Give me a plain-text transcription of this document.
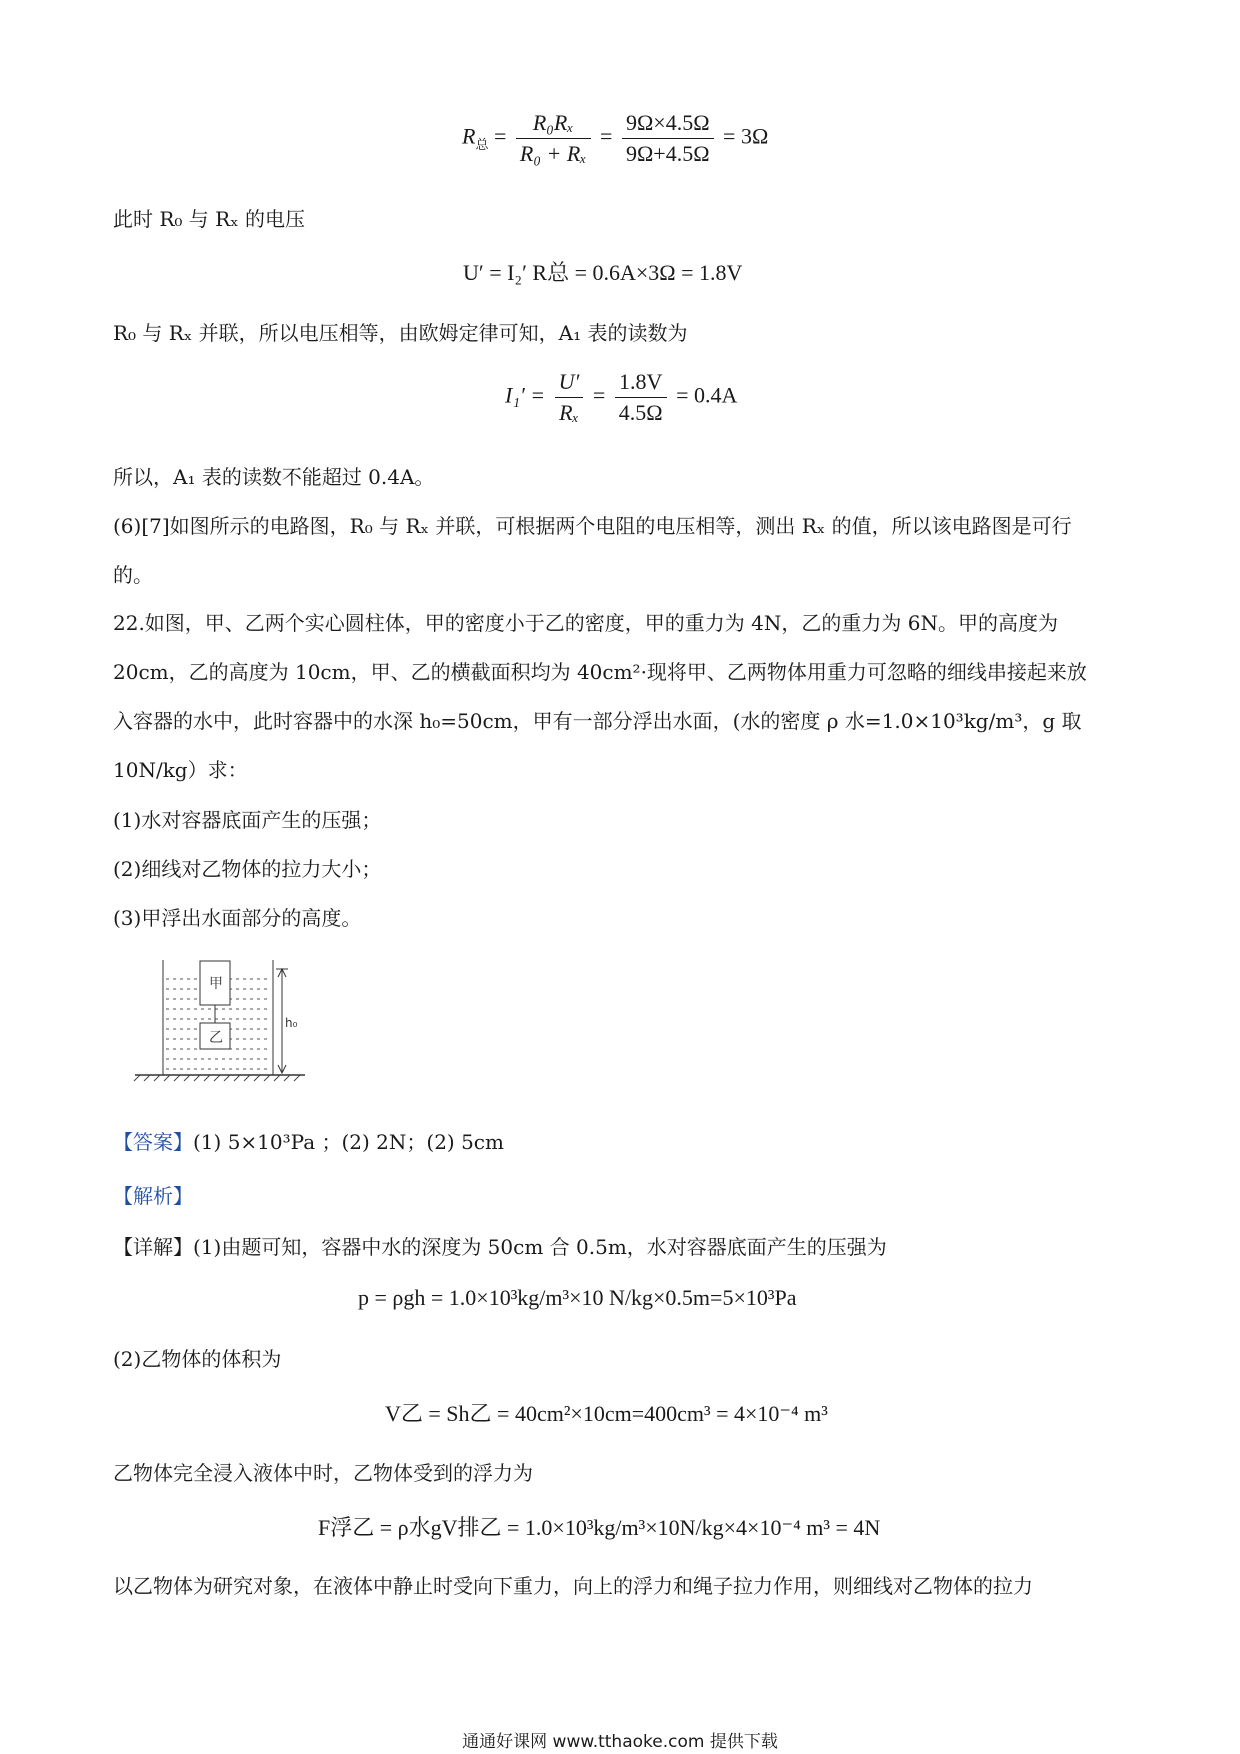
$R_总 = \frac{\text{R₀Rₓ}}{\text{R₀ + Rₓ}} = \frac{9\Omega\times 4.5\Omega}{9\Omega+4.5\Omega} = 3\Omega$
此时 R₀ 与 Rₓ 的电压
U′ = I₂′ R总 = 0.6A×3Ω = 1.8V
R₀ 与 Rₓ 并联，所以电压相等，由欧姆定律可知，A₁ 表的读数为
$I_1' = \frac{U'}{\text{Rₓ}} = \frac{1.8V}{4.5\Omega} = 0.4A$
所以，A₁ 表的读数不能超过 0.4A。
(6)[7]如图所示的电路图，R₀ 与 Rₓ 并联，可根据两个电阻的电压相等，测出 Rₓ 的值，所以该电路图是可行
的。
22.如图，甲、乙两个实心圆柱体，甲的密度小于乙的密度，甲的重力为 4N，乙的重力为 6N。甲的高度为
20cm，乙的高度为 10cm，甲、乙的横截面积均为 40cm²·现将甲、乙两物体用重力可忽略的细线串接起来放
入容器的水中，此时容器中的水深 h₀=50cm，甲有一部分浮出水面，(水的密度 ρ 水=1.0×10³kg/m³，g 取
10N/kg）求：
(1)水对容器底面产生的压强；
(2)细线对乙物体的拉力大小；
(3)甲浮出水面部分的高度。
甲
乙
h₀
【答案】(1) 5×10³Pa ；(2) 2N；(2) 5cm
【解析】
【详解】(1)由题可知，容器中水的深度为 50cm 合 0.5m，水对容器底面产生的压强为
p = ρgh = 1.0×10³kg/m³×10 N/kg×0.5m=5×10³Pa
(2)乙物体的体积为
V乙 = Sh乙 = 40cm²×10cm=400cm³ = 4×10⁻⁴ m³
乙物体完全浸入液体中时，乙物体受到的浮力为
F浮乙 = ρ水gV排乙 = 1.0×10³kg/m³×10N/kg×4×10⁻⁴ m³ = 4N
以乙物体为研究对象，在液体中静止时受向下重力，向上的浮力和绳子拉力作用，则细线对乙物体的拉力
通通好课网 www.tthaoke.com 提供下载
